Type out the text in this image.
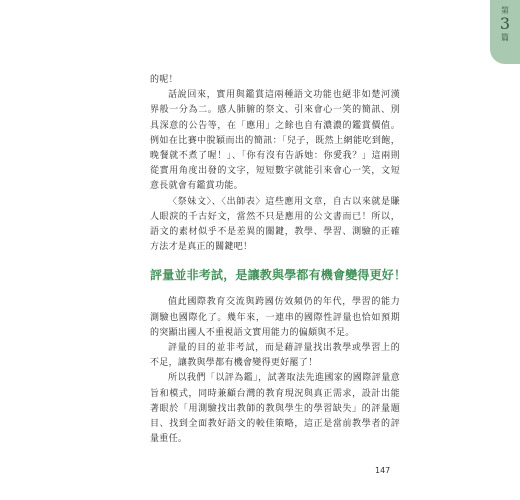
第
3
篇

的呢！

話說回來，實用與鑑賞這兩種語文功能也絕非如楚河漢界般一分為二。感人肺腑的祭文、引來會心一笑的簡訊、別具深意的公告等，在「應用」之餘也自有濃濃的鑑賞價值。例如在比賽中脫穎而出的簡訊：「兒子，既然上網能吃到飽，晚餐就不煮了喔！」、「你有沒有告訴她：你愛我？」這兩則從實用角度出發的文字，短短數字就能引來會心一笑，文短意長就會有鑑賞功能。

〈祭妹文〉、〈出師表〉這些應用文章，自古以來就是賺人眼淚的千古好文，當然不只是應用的公文書而已！所以，語文的素材似乎不是差異的關鍵，教學、學習、測驗的正確方法才是真正的關鍵吧！

評量並非考試，是讓教與學都有機會變得更好！

值此國際教育交流與跨國仿效頻仍的年代，學習的能力測驗也國際化了。幾年來，一連串的國際性評量也恰如預期的突顯出國人不重視語文實用能力的偏頗與不足。

評量的目的並非考試，而是藉評量找出教學或學習上的不足，讓教與學都有機會變得更好罷了！

所以我們「以評為鑑」，試著取法先進國家的國際評量意旨和模式，同時兼顧台灣的教育現況與真正需求，設計出能著眼於「用測驗找出教師的教與學生的學習缺失」的評量題目、找到全面教好語文的較佳策略，這正是當前教學者的評量重任。

147
